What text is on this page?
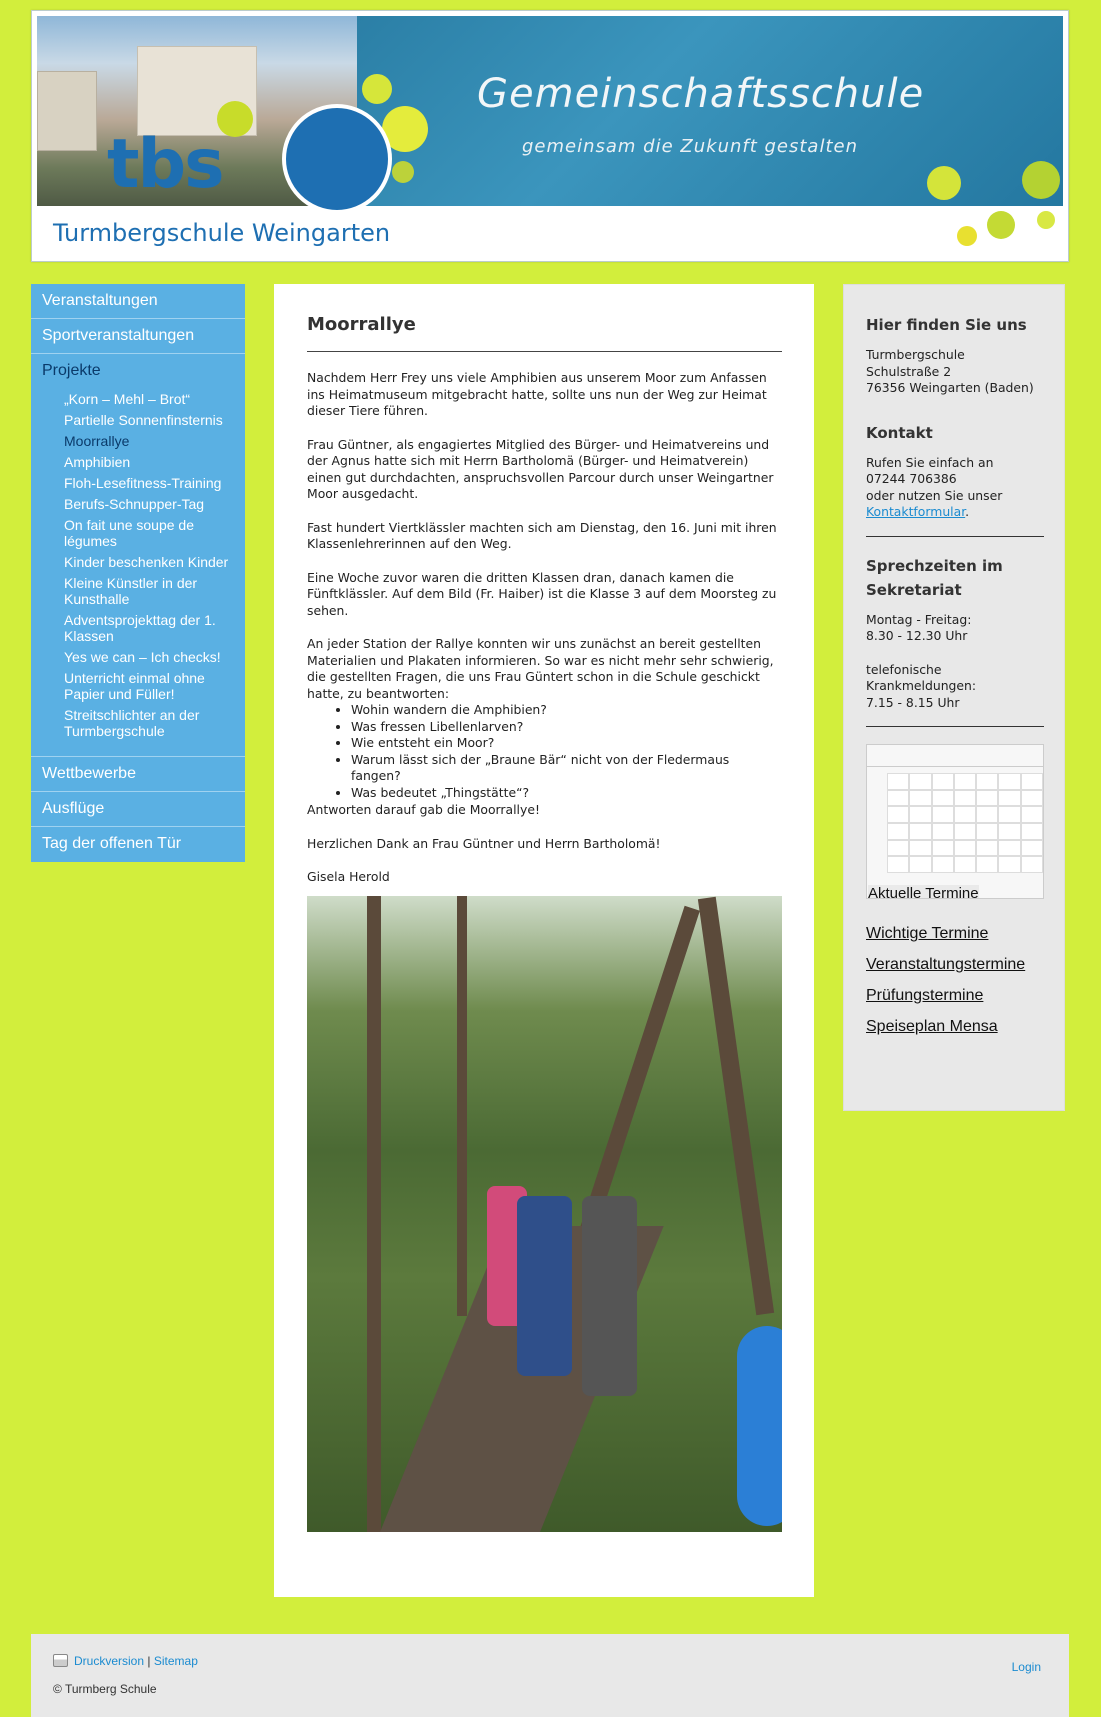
Gemeinschaftsschule
gemeinsam die Zukunft gestalten
tbs
Turmbergschule Weingarten
Veranstaltungen
Sportveranstaltungen
Projekte
„Korn – Mehl – Brot“
Partielle Sonnenfinsternis
Moorrallye
Amphibien
Floh-Lesefitness-Training
Berufs-Schnupper-Tag
On fait une soupe de légumes
Kinder beschenken Kinder
Kleine Künstler in der Kunsthalle
Adventsprojekttag der 1. Klassen
Yes we can – Ich checks!
Unterricht einmal ohne Papier und Füller!
Streitschlichter an der Turmbergschule
Wettbewerbe
Ausflüge
Tag der offenen Tür
Moorrallye

Nachdem Herr Frey uns viele Amphibien aus unserem Moor zum Anfassen ins Heimatmuseum mitgebracht hatte, sollte uns nun der Weg zur Heimat dieser Tiere führen.

Frau Güntner, als engagiertes Mitglied des Bürger- und Heimatvereins und der Agnus hatte sich mit Herrn Bartholomä (Bürger- und Heimatverein) einen gut durchdachten, anspruchsvollen Parcour durch unser Weingartner Moor ausgedacht.

Fast hundert Viertklässler machten sich am Dienstag, den 16. Juni mit ihren Klassenlehrerinnen auf den Weg.

Eine Woche zuvor waren die dritten Klassen dran, danach kamen die Fünftklässler. Auf dem Bild (Fr. Haiber) ist die Klasse 3 auf dem Moorsteg zu sehen.

An jeder Station der Rallye konnten wir uns zunächst an bereit gestellten Materialien und Plakaten informieren. So war es nicht mehr sehr schwierig, die gestellten Fragen, die uns Frau Güntert schon in die Schule geschickt hatte, zu beantworten:

• Wohin wandern die Amphibien?
• Was fressen Libellenlarven?
• Wie entsteht ein Moor?
• Warum lässt sich der „Braune Bär“ nicht von der Fledermaus fangen?
• Was bedeutet „Thingstätte“?

Antworten darauf gab die Moorrallye!

Herzlichen Dank an Frau Güntner und Herrn Bartholomä!

Gisela Herold

Hier finden Sie uns

Turmbergschule

Schulstraße 2

76356 Weingarten (Baden)

Kontakt

Rufen Sie einfach an

07244 706386

oder nutzen Sie unser

Kontaktformular.

Sprechzeiten im Sekretariat

Montag - Freitag:

8.30 - 12.30 Uhr

telefonische Krankmeldungen:

7.15 - 8.15 Uhr

Aktuelle Termine
Wichtige Termine
Veranstaltungstermine
Prüfungstermine
Speiseplan Mensa
Druckversion | Sitemap
© Turmberg Schule
Login
